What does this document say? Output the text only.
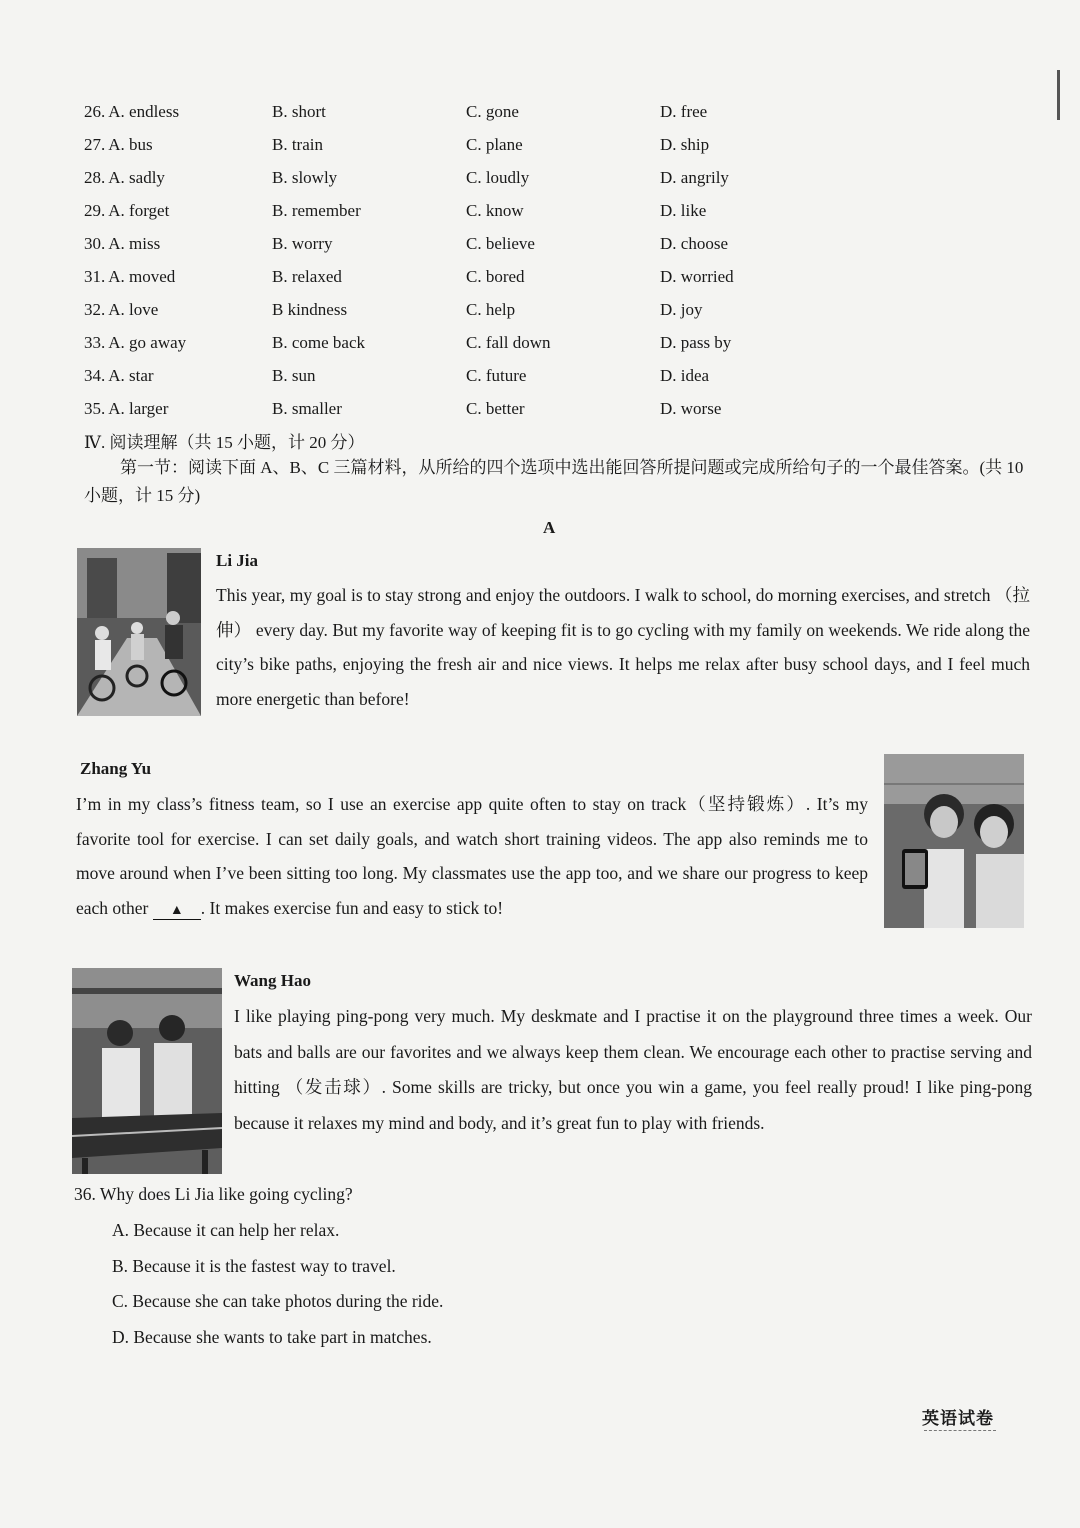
26. A. endless	B. short	C. gone	D. free
27. A. bus	B. train	C. plane	D. ship
28. A. sadly	B. slowly	C. loudly	D. angrily
29. A. forget	B. remember	C. know	D. like
30. A. miss	B. worry	C. believe	D. choose
31. A. moved	B. relaxed	C. bored	D. worried
32. A. love	B kindness	C. help	D. joy
33. A. go away	B. come back	C. fall down	D. pass by
34. A. star	B. sun	C. future	D. idea
35. A. larger	B. smaller	C. better	D. worse
Ⅳ. 阅读理解（共 15 小题，计 20 分）
第一节：阅读下面 A、B、C 三篇材料，从所给的四个选项中选出能回答所提问题或完成所给句子的一个最佳答案。(共 10 小题，计 15 分)
A
Li Jia
This year, my goal is to stay strong and enjoy the outdoors. I walk to school, do morning exercises, and stretch （拉伸） every day. But my favorite way of keeping fit is to go cycling with my family on weekends. We ride along the city’s bike paths, enjoying the fresh air and nice views. It helps me relax after busy school days, and I feel much more energetic than before!
Zhang Yu
I’m in my class’s fitness team, so I use an exercise app quite often to stay on track（坚持锻炼）. It’s my favorite tool for exercise. I can set daily goals, and watch short training videos. The app also reminds me to move around when I’ve been sitting too long. My classmates use the app too, and we share our progress to keep each other ▲ . It makes exercise fun and easy to stick to!
Wang Hao
I like playing ping-pong very much. My deskmate and I practise it on the playground three times a week. Our bats and balls are our favorites and we always keep them clean. We encourage each other to practise serving and hitting （发击球）. Some skills are tricky, but once you win a game, you feel really proud! I like ping-pong because it relaxes my mind and body, and it’s great fun to play with friends.
36. Why does Li Jia like going cycling?
A. Because it can help her relax.
B. Because it is the fastest way to travel.
C. Because she can take photos during the ride.
D. Because she wants to take part in matches.
英语试卷
